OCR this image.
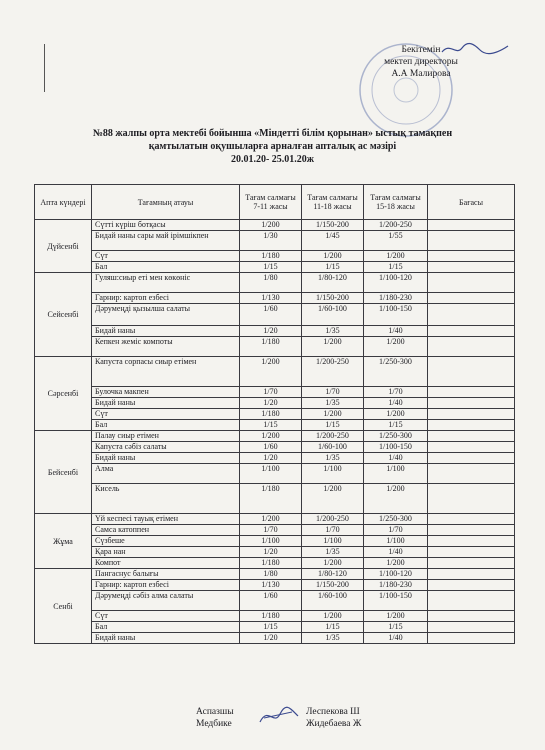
Бекітемін
мектеп директоры
А.А Малирова
№88 жалпы орта мектебі бойынша «Міндетті білім қорынан» ыстық тамақпен
қамтылатын оқушыларға арналған апталық ас мәзірі
20.01.20- 25.01.20ж
Апта күндері	Тағамның атауы	Тағам салмағы 7-11 жасы	Тағам салмағы 11-18 жасы	Тағам салмағы 15-18 жасы	Бағасы
Дүйсенбі	Сүтті күріш ботқасы	1/200	1/150-200	1/200-250	
	Бидай наны сары май ірімшікпен	1/30	1/45	1/55	
	Сүт	1/180	1/200	1/200	
	Бал	1/15	1/15	1/15	
Сейсенбі	Гуляш:сиыр еті мен көкөніс	1/80	1/80-120	1/100-120	
	Гарнир: картоп езбесі	1/130	1/150-200	1/180-230	
	Дәрумеңді қызылша салаты	1/60	1/60-100	1/100-150	
	Бидай наны	1/20	1/35	1/40	
	Кепкен жеміс компоты	1/180	1/200	1/200	
Сәрсенбі	Капуста сорпасы сиыр етімен	1/200	1/200-250	1/250-300	
	Булочка макпен	1/70	1/70	1/70	
	Бидай наны	1/20	1/35	1/40	
	Сүт	1/180	1/200	1/200	
	Бал	1/15	1/15	1/15	
Бейсенбі	Палау сиыр етімен	1/200	1/200-250	1/250-300	
	Капуста сәбіз салаты	1/60	1/60-100	1/100-150	
	Бидай наны	1/20	1/35	1/40	
	Алма	1/100	1/100	1/100	
	Кисель	1/180	1/200	1/200	
Жұма	Үй кеспесі тауық етімен	1/200	1/200-250	1/250-300	
	Самса катоппен	1/70	1/70	1/70	
	Сүзбеше	1/100	1/100	1/100	
	Қара нан	1/20	1/35	1/40	
	Компот	1/180	1/200	1/200	
Сенбі	Пангаснус балығы	1/80	1/80-120	1/100-120	
	Гарнир: картоп езбесі	1/130	1/150-200	1/180-230	
	Дәрумеңді сәбіз алма салаты	1/60	1/60-100	1/100-150	
	Сүт	1/180	1/200	1/200	
	Бал	1/15	1/15	1/15	
	Бидай наны	1/20	1/35	1/40	
Аспазшы	Леспекова Ш
Медбике	Жидебаева Ж
